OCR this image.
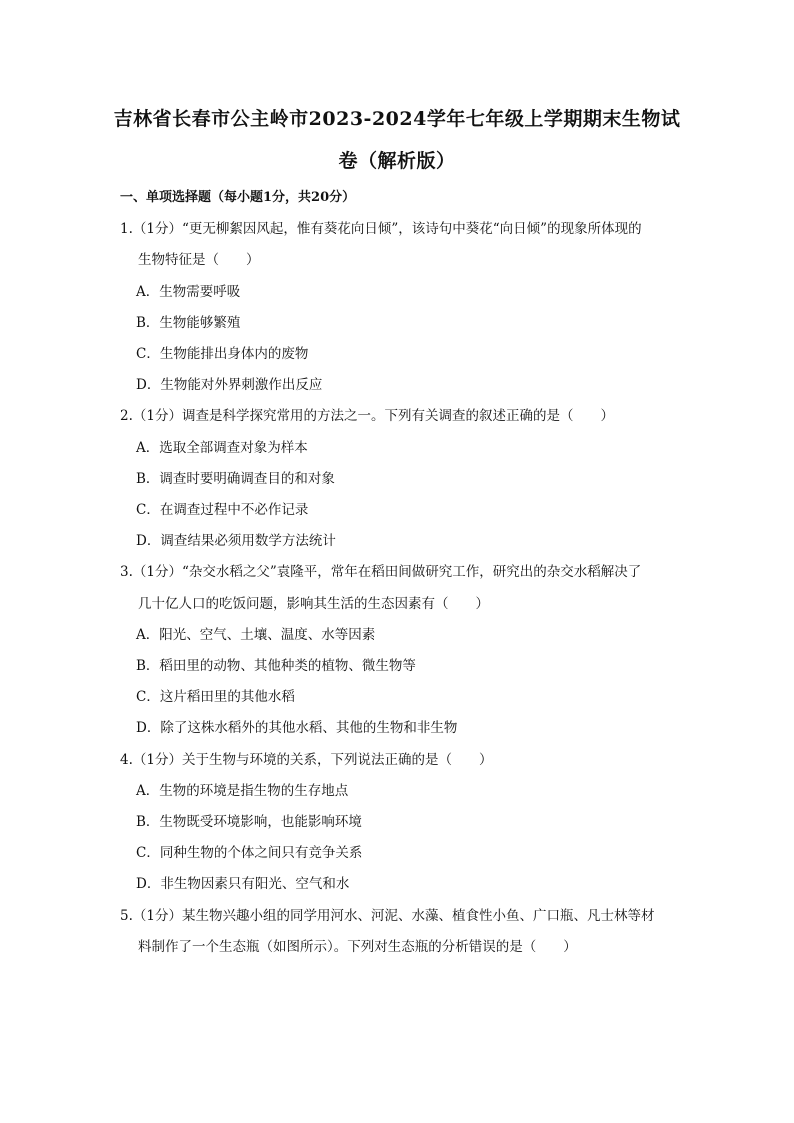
吉林省长春市公主岭市2023-2024学年七年级上学期期末生物试
卷（解析版）
一、单项选择题（每小题1分，共20分）
1.（1分）“更无柳絮因风起，惟有葵花向日倾”，该诗句中葵花“向日倾”的现象所体现的
生物特征是（　　）
A．生物需要呼吸
B．生物能够繁殖
C．生物能排出身体内的废物
D．生物能对外界刺激作出反应
2.（1分）调查是科学探究常用的方法之一。下列有关调查的叙述正确的是（　　）
A．选取全部调查对象为样本
B．调查时要明确调查目的和对象
C．在调查过程中不必作记录
D．调查结果必须用数学方法统计
3.（1分）“杂交水稻之父”袁隆平，常年在稻田间做研究工作，研究出的杂交水稻解决了
几十亿人口的吃饭问题，影响其生活的生态因素有（　　）
A．阳光、空气、土壤、温度、水等因素
B．稻田里的动物、其他种类的植物、微生物等
C．这片稻田里的其他水稻
D．除了这株水稻外的其他水稻、其他的生物和非生物
4.（1分）关于生物与环境的关系，下列说法正确的是（　　）
A．生物的环境是指生物的生存地点
B．生物既受环境影响，也能影响环境
C．同种生物的个体之间只有竞争关系
D．非生物因素只有阳光、空气和水
5.（1分）某生物兴趣小组的同学用河水、河泥、水藻、植食性小鱼、广口瓶、凡士林等材
料制作了一个生态瓶（如图所示）。下列对生态瓶的分析错误的是（　　）
